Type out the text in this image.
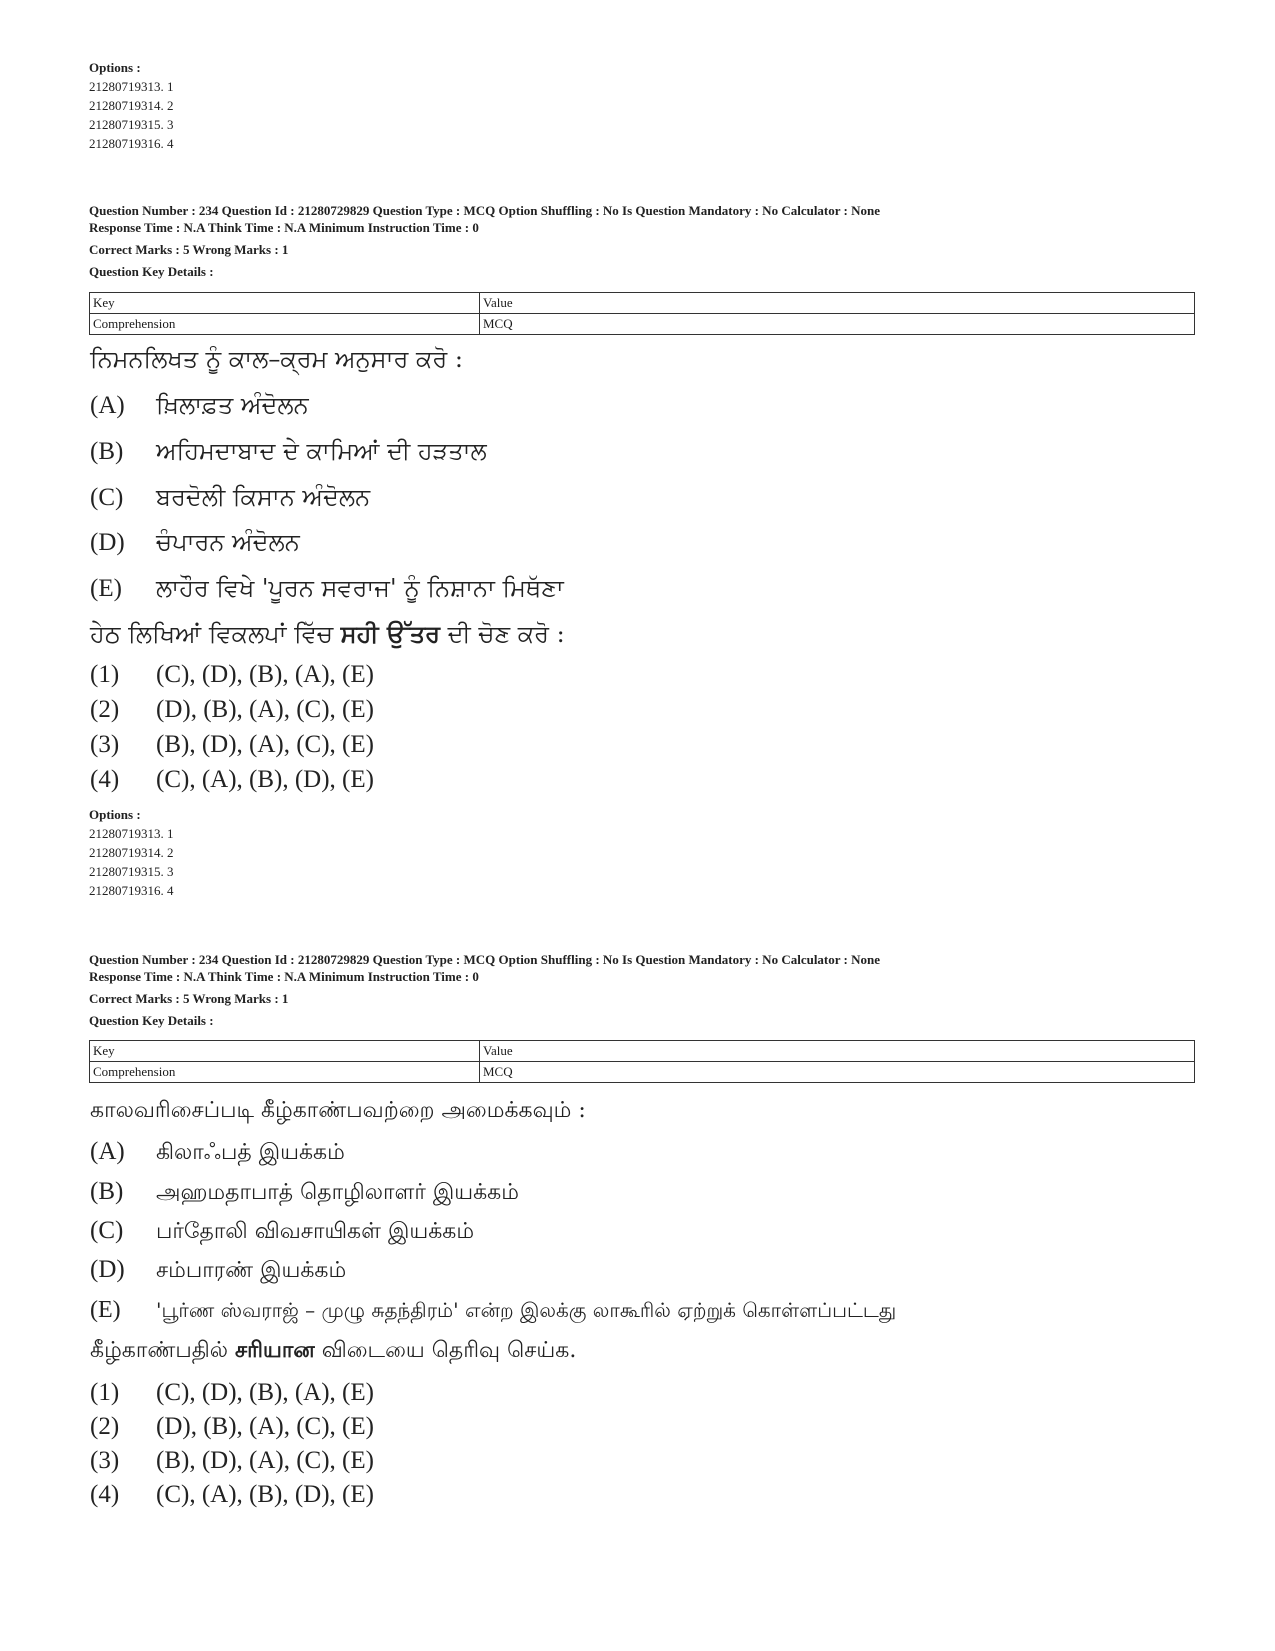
Options :
21280719313. 1
21280719314. 2
21280719315. 3
21280719316. 4
Question Number : 234 Question Id : 21280729829 Question Type : MCQ Option Shuffling : No Is Question Mandatory : No Calculator : None
Response Time : N.A Think Time : N.A Minimum Instruction Time : 0
Correct Marks : 5 Wrong Marks : 1
Question Key Details :
Key	Value
Comprehension	MCQ
ਨਿਮਨਲਿਖਤ ਨੂੰ ਕਾਲ–ਕ੍ਰਮ ਅਨੁਸਾਰ ਕਰੋ :
(A) ਖ਼ਿਲਾਫ਼ਤ ਅੰਦੋਲਨ
(B) ਅਹਿਮਦਾਬਾਦ ਦੇ ਕਾਮਿਆਂ ਦੀ ਹੜਤਾਲ
(C) ਬਰਦੋਲੀ ਕਿਸਾਨ ਅੰਦੋਲਨ
(D) ਚੰਪਾਰਨ ਅੰਦੋਲਨ
(E) ਲਾਹੌਰ ਵਿਖੇ 'ਪੂਰਨ ਸਵਰਾਜ' ਨੂੰ ਨਿਸ਼ਾਨਾ ਮਿਥੱਣਾ
ਹੇਠ ਲਿਖਿਆਂ ਵਿਕਲਪਾਂ ਵਿੱਚ ਸਹੀ ਉੱਤਰ ਦੀ ਚੋਣ ਕਰੋ :
(1) (C), (D), (B), (A), (E)
(2) (D), (B), (A), (C), (E)
(3) (B), (D), (A), (C), (E)
(4) (C), (A), (B), (D), (E)
Options :
21280719313. 1
21280719314. 2
21280719315. 3
21280719316. 4
Question Number : 234 Question Id : 21280729829 Question Type : MCQ Option Shuffling : No Is Question Mandatory : No Calculator : None
Response Time : N.A Think Time : N.A Minimum Instruction Time : 0
Correct Marks : 5 Wrong Marks : 1
Question Key Details :
Key	Value
Comprehension	MCQ
காலவரிசைப்படி கீழ்காண்பவற்றை அமைக்கவும் :
(A) கிலாஃபத் இயக்கம்
(B) அஹமதாபாத் தொழிலாளர் இயக்கம்
(C) பர்தோலி விவசாயிகள் இயக்கம்
(D) சம்பாரண் இயக்கம்
(E) 'பூர்ண ஸ்வராஜ் – முழு சுதந்திரம்' என்ற இலக்கு லாகூரில் ஏற்றுக் கொள்ளப்பட்டது
கீழ்காண்பதில் சரியான விடையை தெரிவு செய்க.
(1) (C), (D), (B), (A), (E)
(2) (D), (B), (A), (C), (E)
(3) (B), (D), (A), (C), (E)
(4) (C), (A), (B), (D), (E)
